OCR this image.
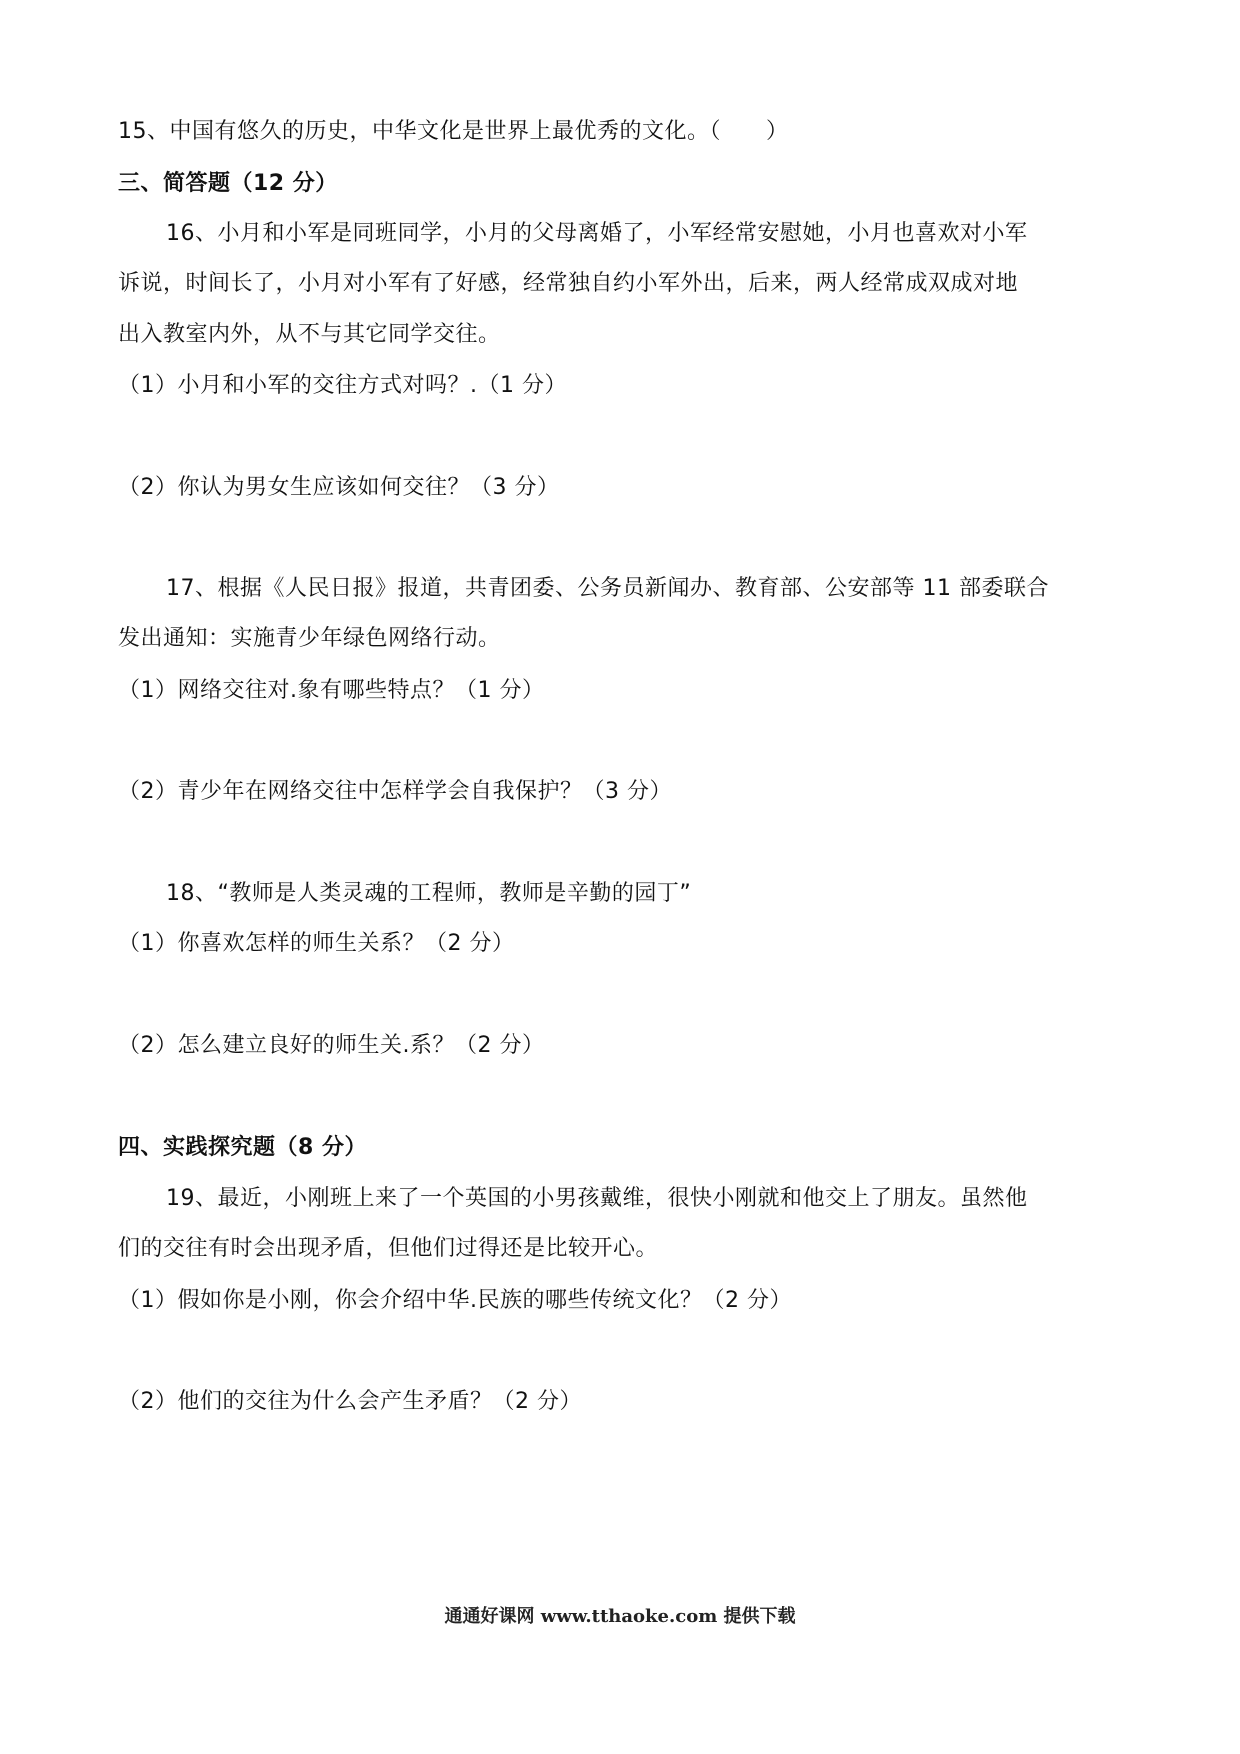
15、中国有悠久的历史，中华文化是世界上最优秀的文化。（　　）
三、简答题（12 分）
16、小月和小军是同班同学，小月的父母离婚了，小军经常安慰她，小月也喜欢对小军
诉说，时间长了，小月对小军有了好感，经常独自约小军外出，后来，两人经常成双成对地
出入教室内外，从不与其它同学交往。
（1）小月和小军的交往方式对吗？.（1 分）
（2）你认为男女生应该如何交往？（3 分）
17、根据《人民日报》报道，共青团委、公务员新闻办、教育部、公安部等 11 部委联合
发出通知：实施青少年绿色网络行动。
（1）网络交往对.象有哪些特点？（1 分）
（2）青少年在网络交往中怎样学会自我保护？（3 分）
18、“教师是人类灵魂的工程师，教师是辛勤的园丁”
（1）你喜欢怎样的师生关系？（2 分）
（2）怎么建立良好的师生关.系？（2 分）
四、实践探究题（8 分）
19、最近，小刚班上来了一个英国的小男孩戴维，很快小刚就和他交上了朋友。虽然他
们的交往有时会出现矛盾，但他们过得还是比较开心。
（1）假如你是小刚，你会介绍中华.民族的哪些传统文化？（2 分）
（2）他们的交往为什么会产生矛盾？（2 分）
通通好课网 www.tthaoke.com 提供下载
